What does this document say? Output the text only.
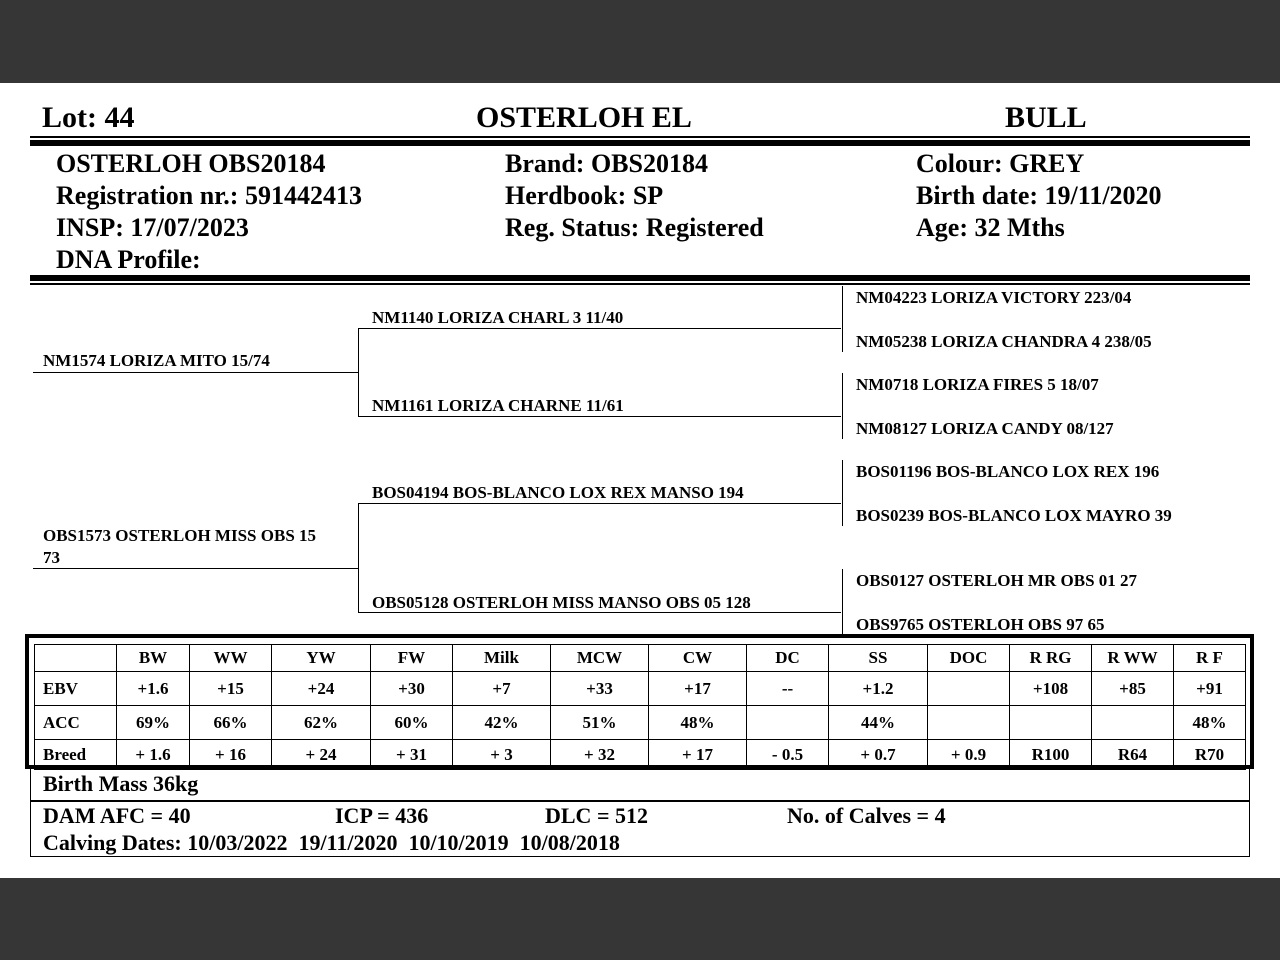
Lot: 44	OSTERLOH EL	BULL
OSTERLOH OBS20184
Registration nr.: 591442413
INSP: 17/07/2023
DNA Profile:
Brand: OBS20184
Herdbook: SP
Reg. Status: Registered
Colour: GREY
Birth date: 19/11/2020
Age: 32 Mths
NM1574 LORIZA MITO 15/74
OBS1573 OSTERLOH MISS OBS 15
73
NM1140 LORIZA CHARL 3 11/40
NM1161 LORIZA CHARNE 11/61
BOS04194 BOS-BLANCO LOX REX MANSO 194
OBS05128 OSTERLOH MISS MANSO OBS 05 128
NM04223 LORIZA VICTORY 223/04
NM05238 LORIZA CHANDRA 4 238/05
NM0718 LORIZA FIRES 5 18/07
NM08127 LORIZA CANDY 08/127
BOS01196 BOS-BLANCO LOX REX 196
BOS0239 BOS-BLANCO LOX MAYRO 39
OBS0127 OSTERLOH MR OBS 01 27
OBS9765 OSTERLOH OBS 97 65
	BW	WW	YW	FW	Milk	MCW	CW	DC	SS	DOC	R RG	R WW	R F
EBV	+1.6	+15	+24	+30	+7	+33	+17	--	+1.2		+108	+85	+91
ACC	69%	66%	62%	60%	42%	51%	48%		44%				48%
Breed	+ 1.6	+ 16	+ 24	+ 31	+ 3	+ 32	+ 17	- 0.5	+ 0.7	+ 0.9	R100	R64	R70
Birth Mass 36kg
DAM AFC = 40	ICP = 436	DLC = 512	No. of Calves = 4
Calving Dates: 10/03/2022  19/11/2020  10/10/2019  10/08/2018
